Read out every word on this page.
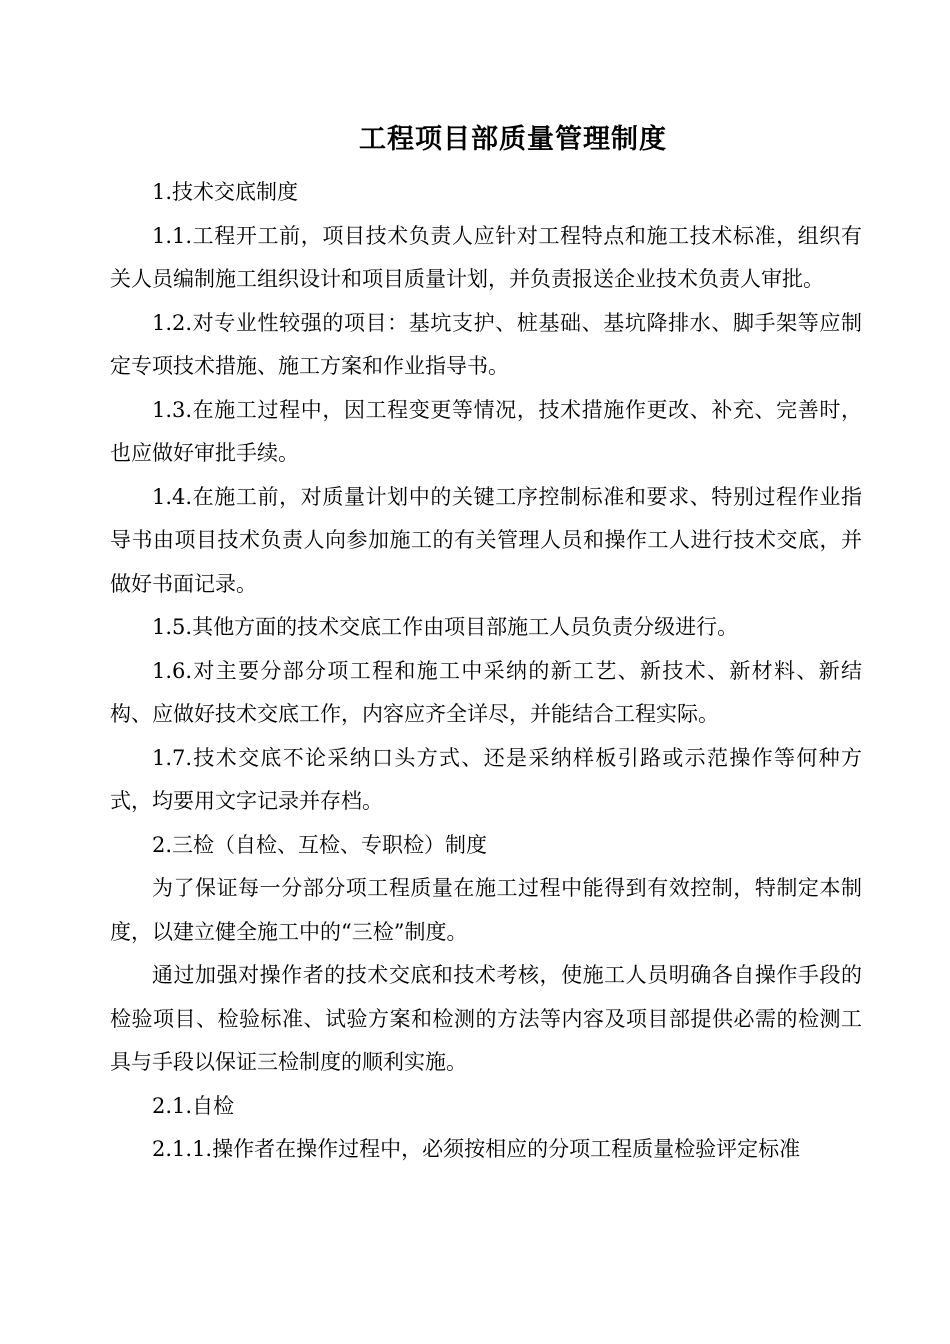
工程项目部质量管理制度

1.技术交底制度

1.1.工程开工前，项目技术负责人应针对工程特点和施工技术标准，组织有关人员编制施工组织设计和项目质量计划，并负责报送企业技术负责人审批。

1.2.对专业性较强的项目：基坑支护、桩基础、基坑降排水、脚手架等应制定专项技术措施、施工方案和作业指导书。

1.3.在施工过程中，因工程变更等情况，技术措施作更改、补充、完善时，也应做好审批手续。

1.4.在施工前，对质量计划中的关键工序控制标准和要求、特别过程作业指导书由项目技术负责人向参加施工的有关管理人员和操作工人进行技术交底，并做好书面记录。

1.5.其他方面的技术交底工作由项目部施工人员负责分级进行。

1.6.对主要分部分项工程和施工中采纳的新工艺、新技术、新材料、新结构、应做好技术交底工作，内容应齐全详尽，并能结合工程实际。

1.7.技术交底不论采纳口头方式、还是采纳样板引路或示范操作等何种方式，均要用文字记录并存档。

2.三检（自检、互检、专职检）制度

为了保证每一分部分项工程质量在施工过程中能得到有效控制，特制定本制度，以建立健全施工中的“三检”制度。

通过加强对操作者的技术交底和技术考核，使施工人员明确各自操作手段的检验项目、检验标准、试验方案和检测的方法等内容及项目部提供必需的检测工具与手段以保证三检制度的顺利实施。

2.1.自检

2.1.1.操作者在操作过程中，必须按相应的分项工程质量检验评定标准
